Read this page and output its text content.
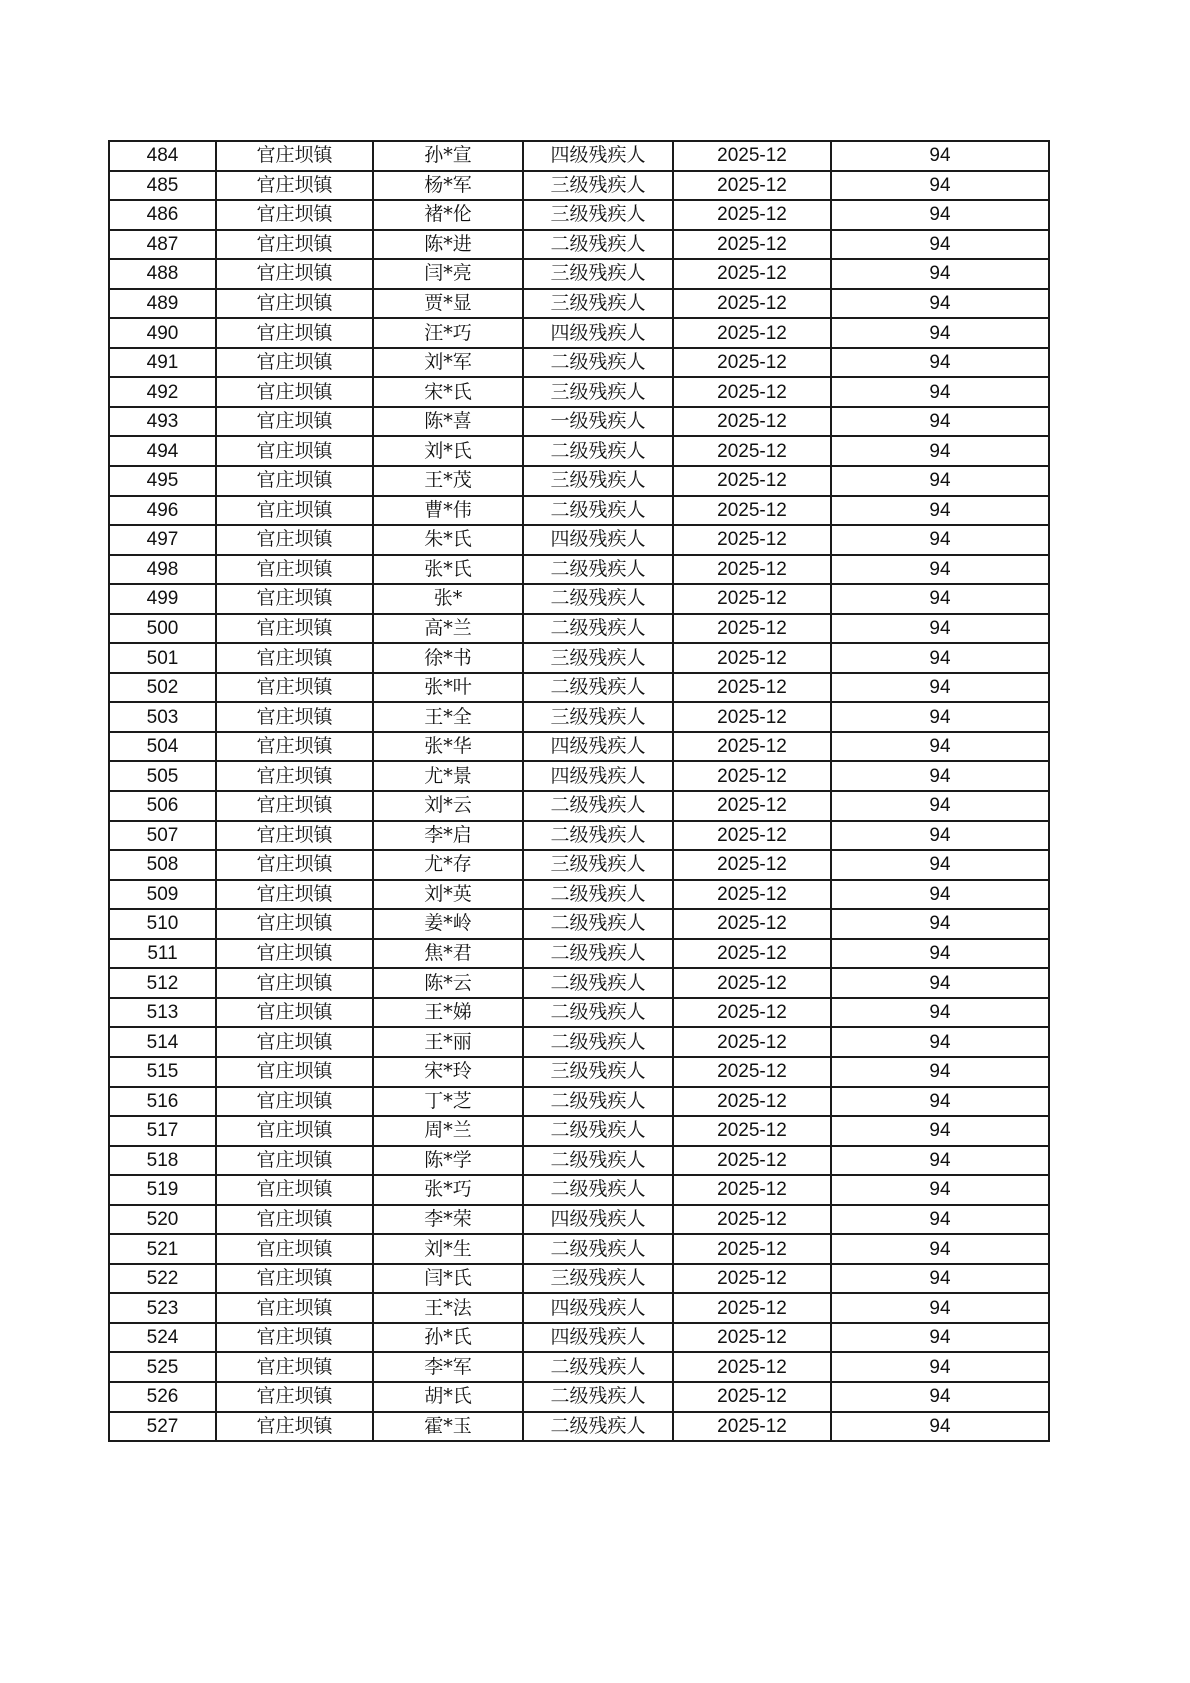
484	官庄坝镇	孙*宣	四级残疾人	2025-12	94
485	官庄坝镇	杨*军	三级残疾人	2025-12	94
486	官庄坝镇	褚*伦	三级残疾人	2025-12	94
487	官庄坝镇	陈*进	二级残疾人	2025-12	94
488	官庄坝镇	闫*亮	三级残疾人	2025-12	94
489	官庄坝镇	贾*显	三级残疾人	2025-12	94
490	官庄坝镇	汪*巧	四级残疾人	2025-12	94
491	官庄坝镇	刘*军	二级残疾人	2025-12	94
492	官庄坝镇	宋*氏	三级残疾人	2025-12	94
493	官庄坝镇	陈*喜	一级残疾人	2025-12	94
494	官庄坝镇	刘*氏	二级残疾人	2025-12	94
495	官庄坝镇	王*茂	三级残疾人	2025-12	94
496	官庄坝镇	曹*伟	二级残疾人	2025-12	94
497	官庄坝镇	朱*氏	四级残疾人	2025-12	94
498	官庄坝镇	张*氏	二级残疾人	2025-12	94
499	官庄坝镇	张*	二级残疾人	2025-12	94
500	官庄坝镇	高*兰	二级残疾人	2025-12	94
501	官庄坝镇	徐*书	三级残疾人	2025-12	94
502	官庄坝镇	张*叶	二级残疾人	2025-12	94
503	官庄坝镇	王*全	三级残疾人	2025-12	94
504	官庄坝镇	张*华	四级残疾人	2025-12	94
505	官庄坝镇	尤*景	四级残疾人	2025-12	94
506	官庄坝镇	刘*云	二级残疾人	2025-12	94
507	官庄坝镇	李*启	二级残疾人	2025-12	94
508	官庄坝镇	尤*存	三级残疾人	2025-12	94
509	官庄坝镇	刘*英	二级残疾人	2025-12	94
510	官庄坝镇	姜*岭	二级残疾人	2025-12	94
511	官庄坝镇	焦*君	二级残疾人	2025-12	94
512	官庄坝镇	陈*云	二级残疾人	2025-12	94
513	官庄坝镇	王*娣	二级残疾人	2025-12	94
514	官庄坝镇	王*丽	二级残疾人	2025-12	94
515	官庄坝镇	宋*玲	三级残疾人	2025-12	94
516	官庄坝镇	丁*芝	二级残疾人	2025-12	94
517	官庄坝镇	周*兰	二级残疾人	2025-12	94
518	官庄坝镇	陈*学	二级残疾人	2025-12	94
519	官庄坝镇	张*巧	二级残疾人	2025-12	94
520	官庄坝镇	李*荣	四级残疾人	2025-12	94
521	官庄坝镇	刘*生	二级残疾人	2025-12	94
522	官庄坝镇	闫*氏	三级残疾人	2025-12	94
523	官庄坝镇	王*法	四级残疾人	2025-12	94
524	官庄坝镇	孙*氏	四级残疾人	2025-12	94
525	官庄坝镇	李*军	二级残疾人	2025-12	94
526	官庄坝镇	胡*氏	二级残疾人	2025-12	94
527	官庄坝镇	霍*玉	二级残疾人	2025-12	94
